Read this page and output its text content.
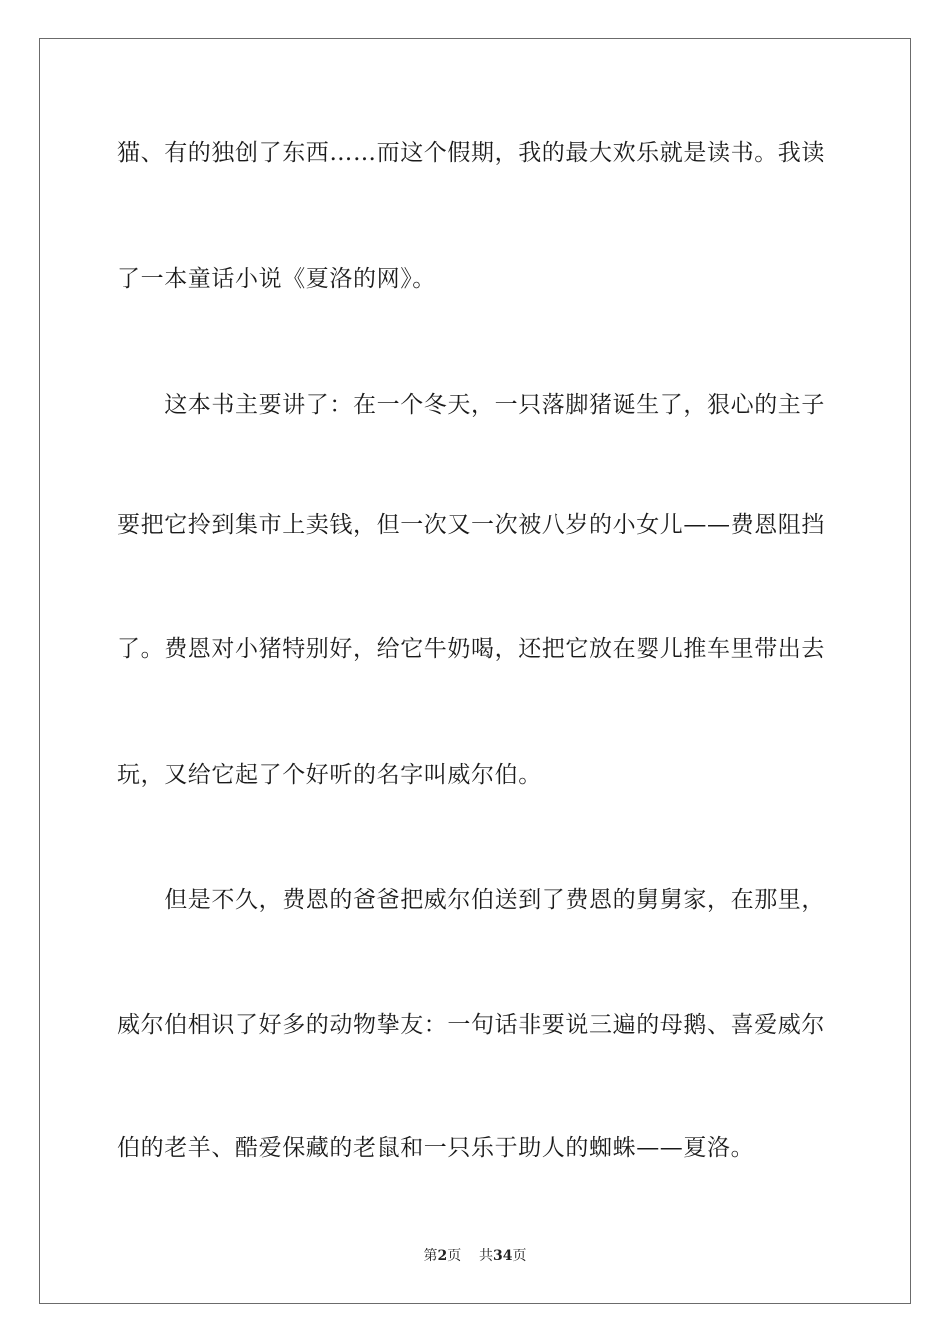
猫、有的独创了东西……而这个假期，我的最大欢乐就是读书。我读
了一本童话小说《夏洛的网》。
　　这本书主要讲了：在一个冬天，一只落脚猪诞生了，狠心的主子
要把它拎到集市上卖钱，但一次又一次被八岁的小女儿——费恩阻挡
了。费恩对小猪特别好，给它牛奶喝，还把它放在婴儿推车里带出去
玩，又给它起了个好听的名字叫威尔伯。
　　但是不久，费恩的爸爸把威尔伯送到了费恩的舅舅家，在那里，
威尔伯相识了好多的动物挚友：一句话非要说三遍的母鹅、喜爱威尔
伯的老羊、酷爱保藏的老鼠和一只乐于助人的蜘蛛——夏洛。
第2页 共34页
